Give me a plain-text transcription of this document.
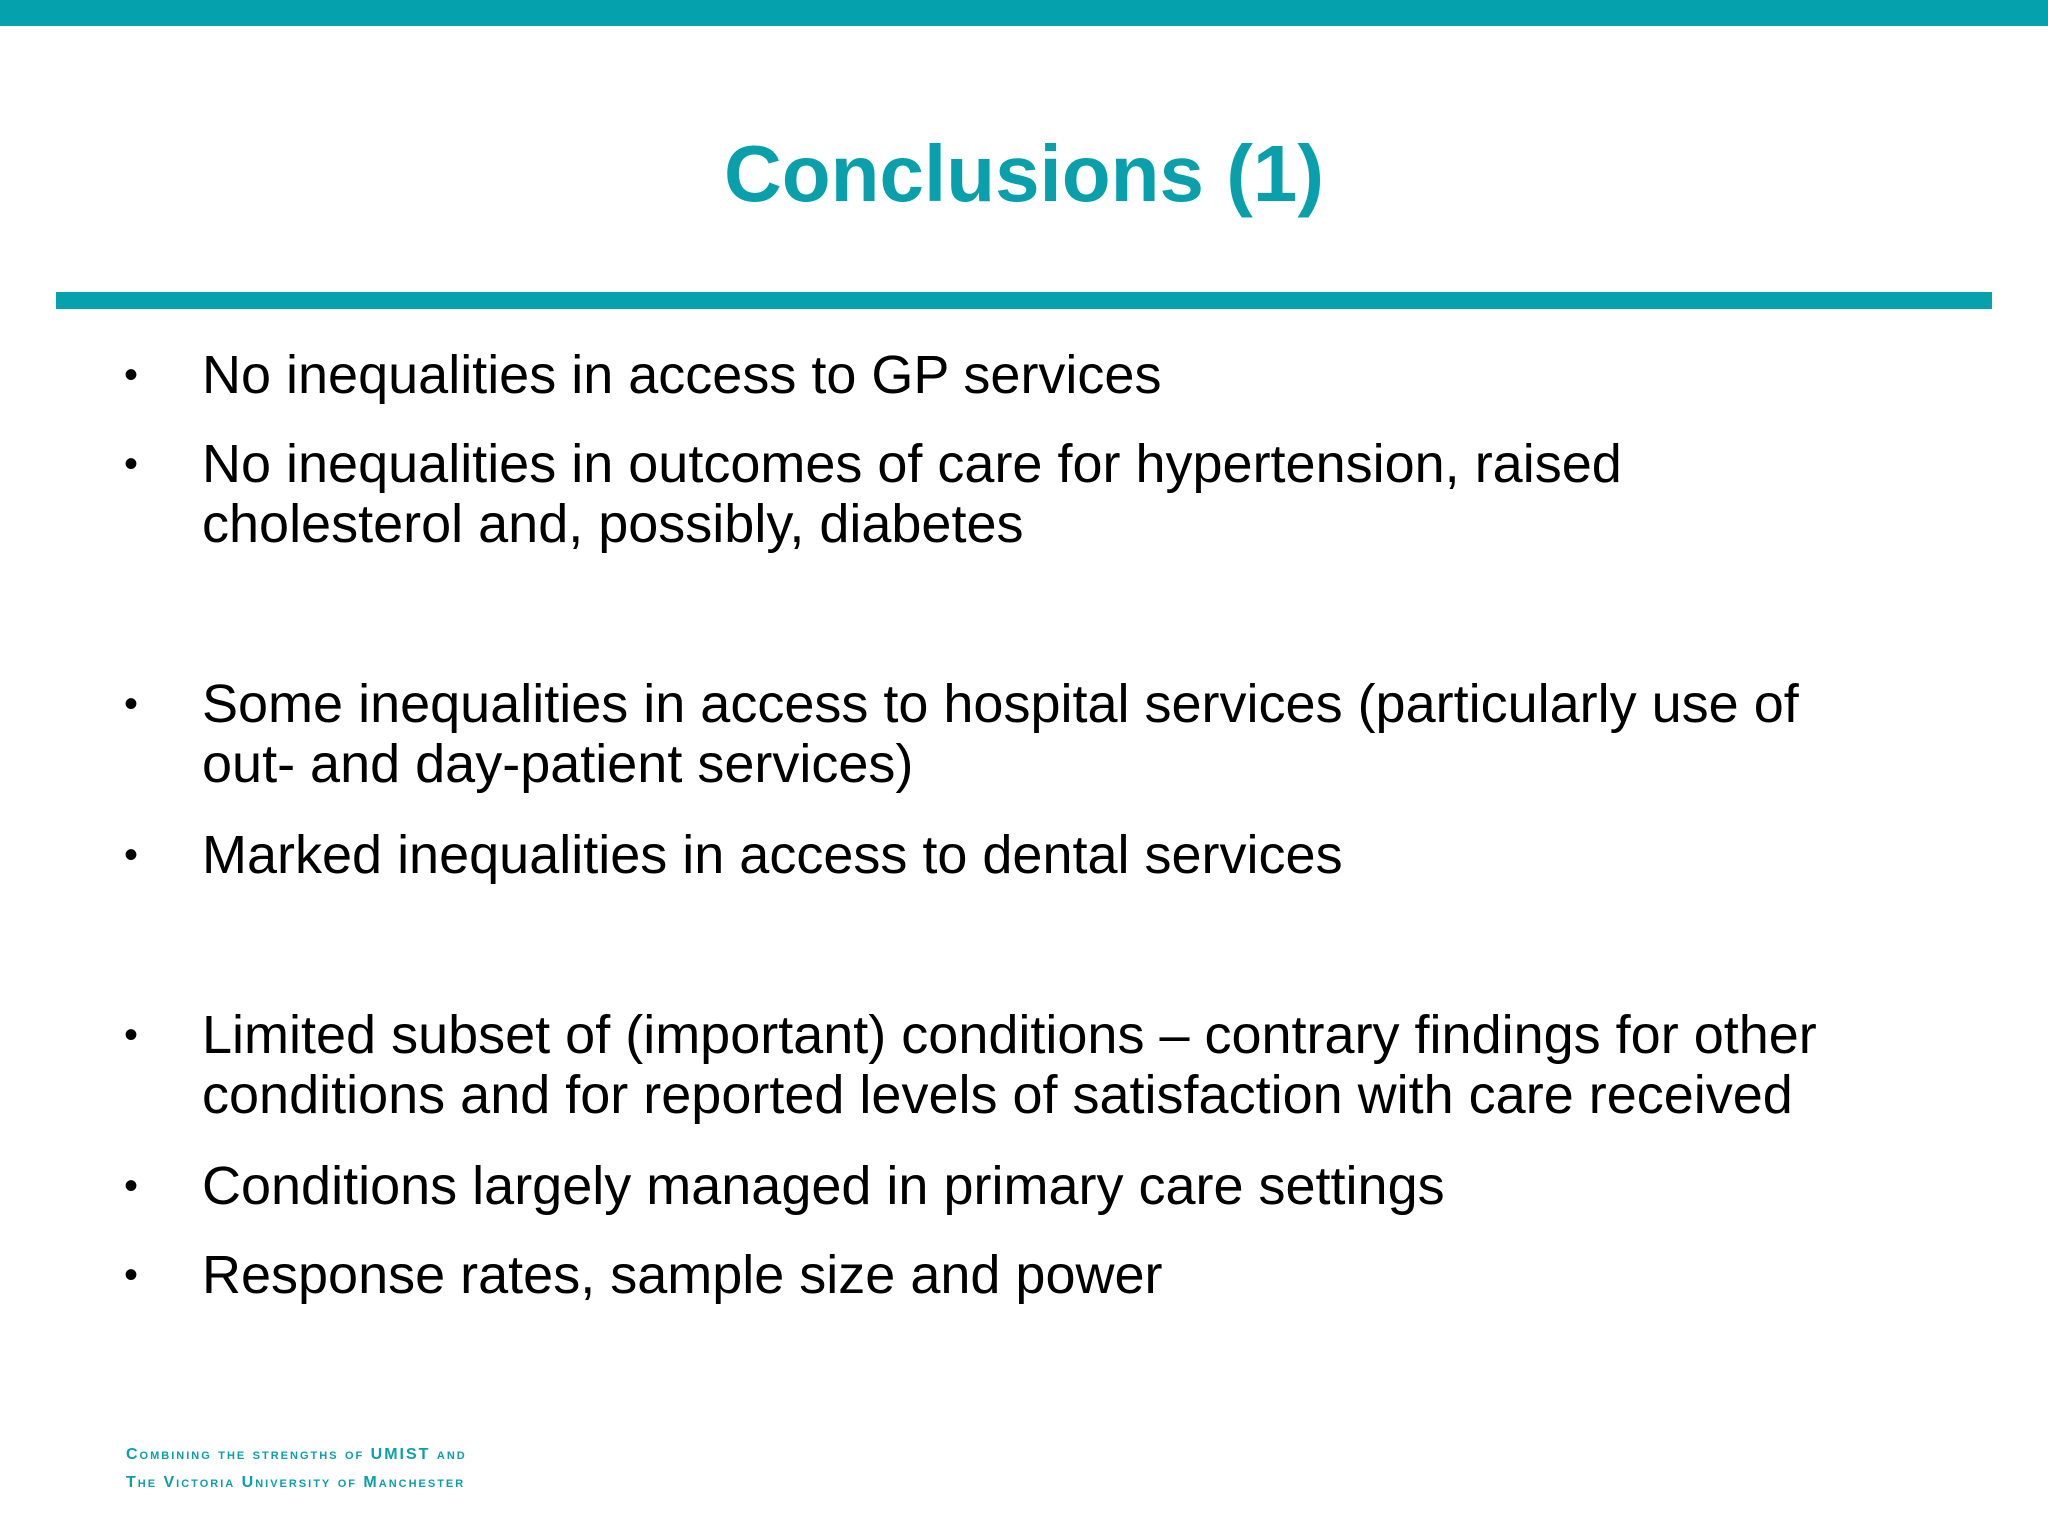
Conclusions (1)
• No inequalities in access to GP services
• No inequalities in outcomes of care for hypertension, raised
cholesterol and, possibly, diabetes
• Some inequalities in access to hospital services (particularly use of
out- and day-patient services)
• Marked inequalities in access to dental services
• Limited subset of (important) conditions – contrary findings for other
conditions and for reported levels of satisfaction with care received
• Conditions largely managed in primary care settings
• Response rates, sample size and power
Combining the strengths of UMIST and
The Victoria University of Manchester
